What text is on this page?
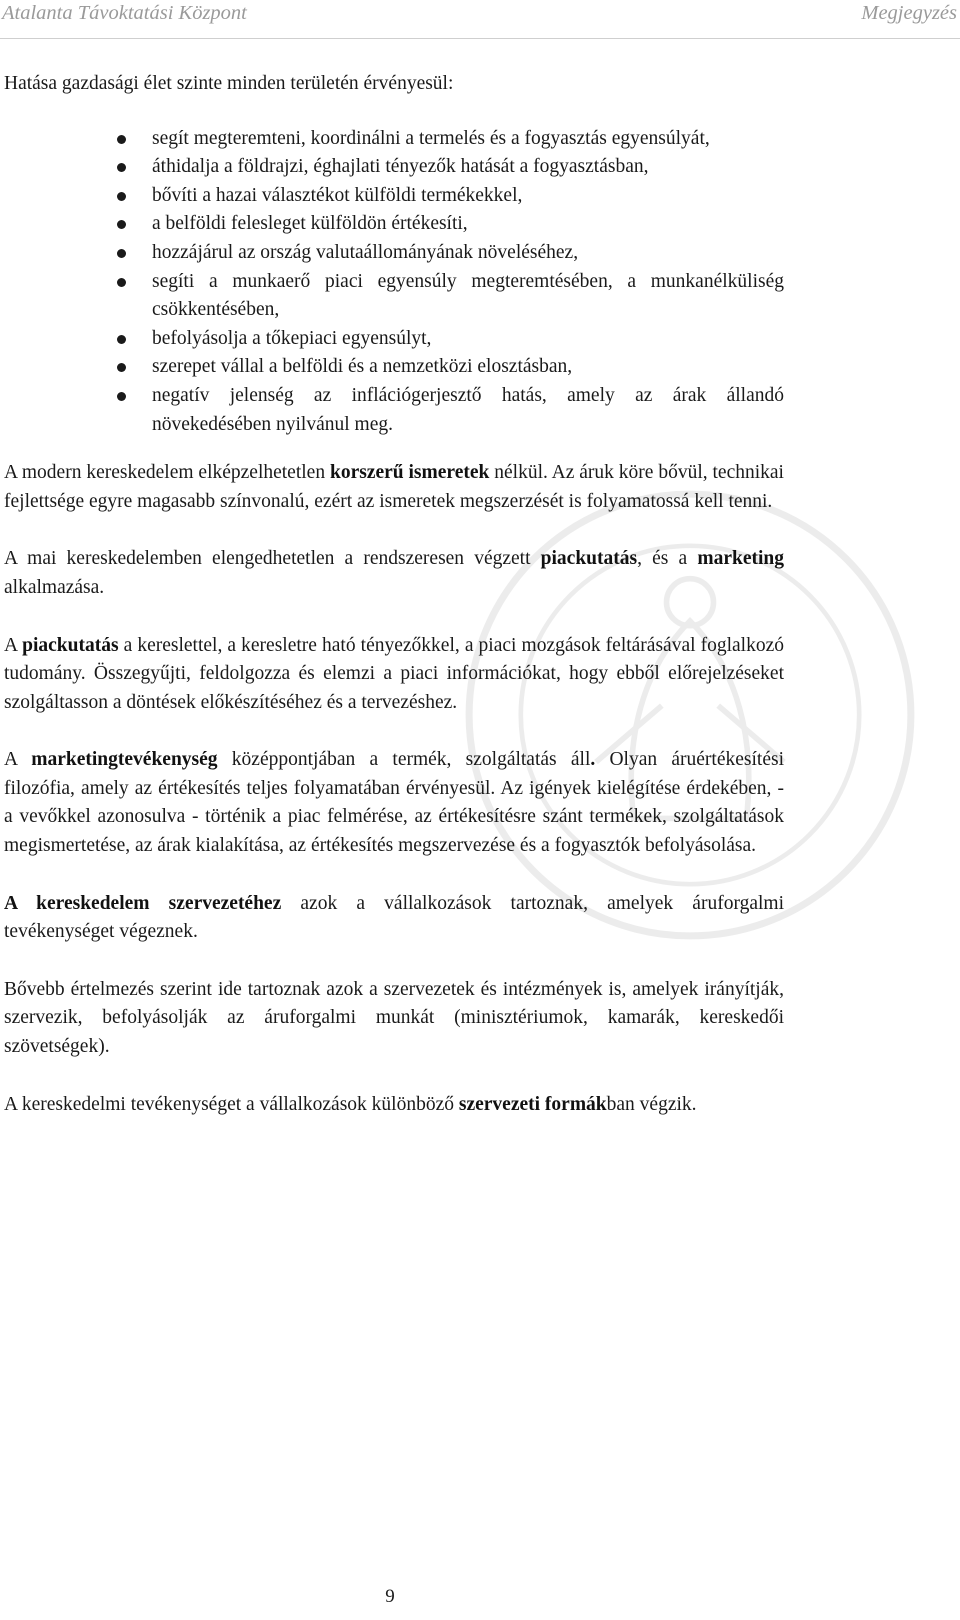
Atalanta Távoktatási Központ	Megjegyzés

Hatása gazdasági élet szinte minden területén érvényesül:

segít megteremteni, koordinálni a termelés és a fogyasztás egyensúlyát,
áthidalja a földrajzi, éghajlati tényezők hatását a fogyasztásban,
bővíti a hazai választékot külföldi termékekkel,
a belföldi felesleget külföldön értékesíti,
hozzájárul az ország valutaállományának növeléséhez,
segíti a munkaerő piaci egyensúly megteremtésében, a munkanélküliség csökkentésében,
befolyásolja a tőkepiaci egyensúlyt,
szerepet vállal a belföldi és a nemzetközi elosztásban,
negatív jelenség az inflációgerjesztő hatás, amely az árak állandó növekedésében nyilvánul meg.

A modern kereskedelem elképzelhetetlen korszerű ismeretek nélkül. Az áruk köre bővül, technikai fejlettsége egyre magasabb színvonalú, ezért az ismeretek megszerzését is folyamatossá kell tenni.

A mai kereskedelemben elengedhetetlen a rendszeresen végzett piackutatás, és a marketing alkalmazása.

A piackutatás a kereslettel, a keresletre ható tényezőkkel, a piaci mozgások feltárásával foglalkozó tudomány. Összegyűjti, feldolgozza és elemzi a piaci információkat, hogy ebből előrejelzéseket szolgáltasson a döntések előkészítéséhez és a tervezéshez.

A marketingtevékenység középpontjában a termék, szolgáltatás áll. Olyan áruértékesítési filozófia, amely az értékesítés teljes folyamatában érvényesül. Az igények kielégítése érdekében, - a vevőkkel azonosulva - történik a piac felmérése, az értékesítésre szánt termékek, szolgáltatások megismertetése, az árak kialakítása, az értékesítés megszervezése és a fogyasztók befolyásolása.

A kereskedelem szervezetéhez azok a vállalkozások tartoznak, amelyek áruforgalmi tevékenységet végeznek.

Bővebb értelmezés szerint ide tartoznak azok a szervezetek és intézmények is, amelyek irányítják, szervezik, befolyásolják az áruforgalmi munkát (minisztériumok, kamarák, kereskedői szövetségek).

A kereskedelmi tevékenységet a vállalkozások különböző szervezeti formákban végzik.

9
